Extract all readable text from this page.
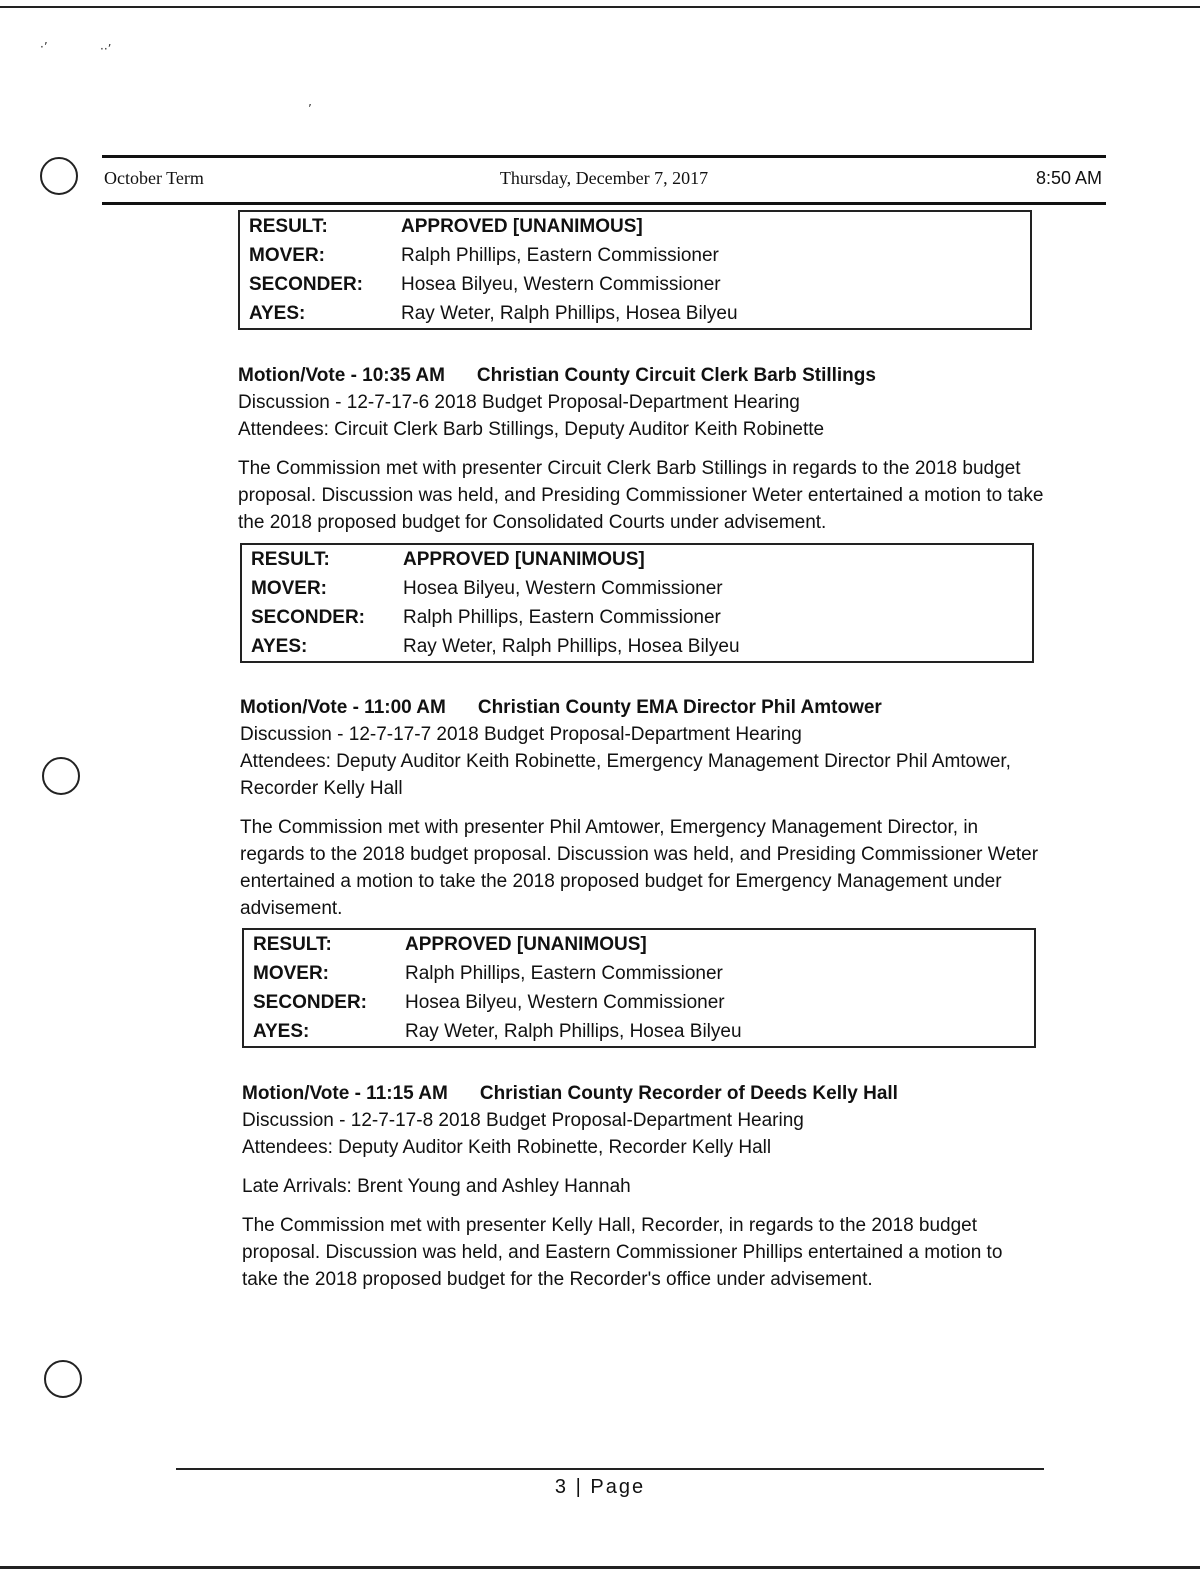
·’	··’
’
October Term	Thursday, December 7, 2017	8:50 AM
RESULT:	APPROVED [UNANIMOUS]
MOVER:	Ralph Phillips, Eastern Commissioner
SECONDER:	Hosea Bilyeu, Western Commissioner
AYES:	Ray Weter, Ralph Phillips, Hosea Bilyeu

Motion/Vote - 10:35 AM Christian County Circuit Clerk Barb Stillings

Discussion - 12-7-17-6 2018 Budget Proposal-Department Hearing

Attendees: Circuit Clerk Barb Stillings, Deputy Auditor Keith Robinette

The Commission met with presenter Circuit Clerk Barb Stillings in regards to the 2018 budget proposal. Discussion was held, and Presiding Commissioner Weter entertained a motion to take the 2018 proposed budget for Consolidated Courts under advisement.

RESULT:	APPROVED [UNANIMOUS]
MOVER:	Hosea Bilyeu, Western Commissioner
SECONDER:	Ralph Phillips, Eastern Commissioner
AYES:	Ray Weter, Ralph Phillips, Hosea Bilyeu

Motion/Vote - 11:00 AM Christian County EMA Director Phil Amtower

Discussion - 12-7-17-7 2018 Budget Proposal-Department Hearing

Attendees: Deputy Auditor Keith Robinette, Emergency Management Director Phil Amtower, Recorder Kelly Hall

The Commission met with presenter Phil Amtower, Emergency Management Director, in regards to the 2018 budget proposal. Discussion was held, and Presiding Commissioner Weter entertained a motion to take the 2018 proposed budget for Emergency Management under advisement.

RESULT:	APPROVED [UNANIMOUS]
MOVER:	Ralph Phillips, Eastern Commissioner
SECONDER:	Hosea Bilyeu, Western Commissioner
AYES:	Ray Weter, Ralph Phillips, Hosea Bilyeu

Motion/Vote - 11:15 AM Christian County Recorder of Deeds Kelly Hall

Discussion - 12-7-17-8 2018 Budget Proposal-Department Hearing

Attendees: Deputy Auditor Keith Robinette, Recorder Kelly Hall

Late Arrivals: Brent Young and Ashley Hannah

The Commission met with presenter Kelly Hall, Recorder, in regards to the 2018 budget proposal. Discussion was held, and Eastern Commissioner Phillips entertained a motion to take the 2018 proposed budget for the Recorder's office under advisement.

3 | Page
